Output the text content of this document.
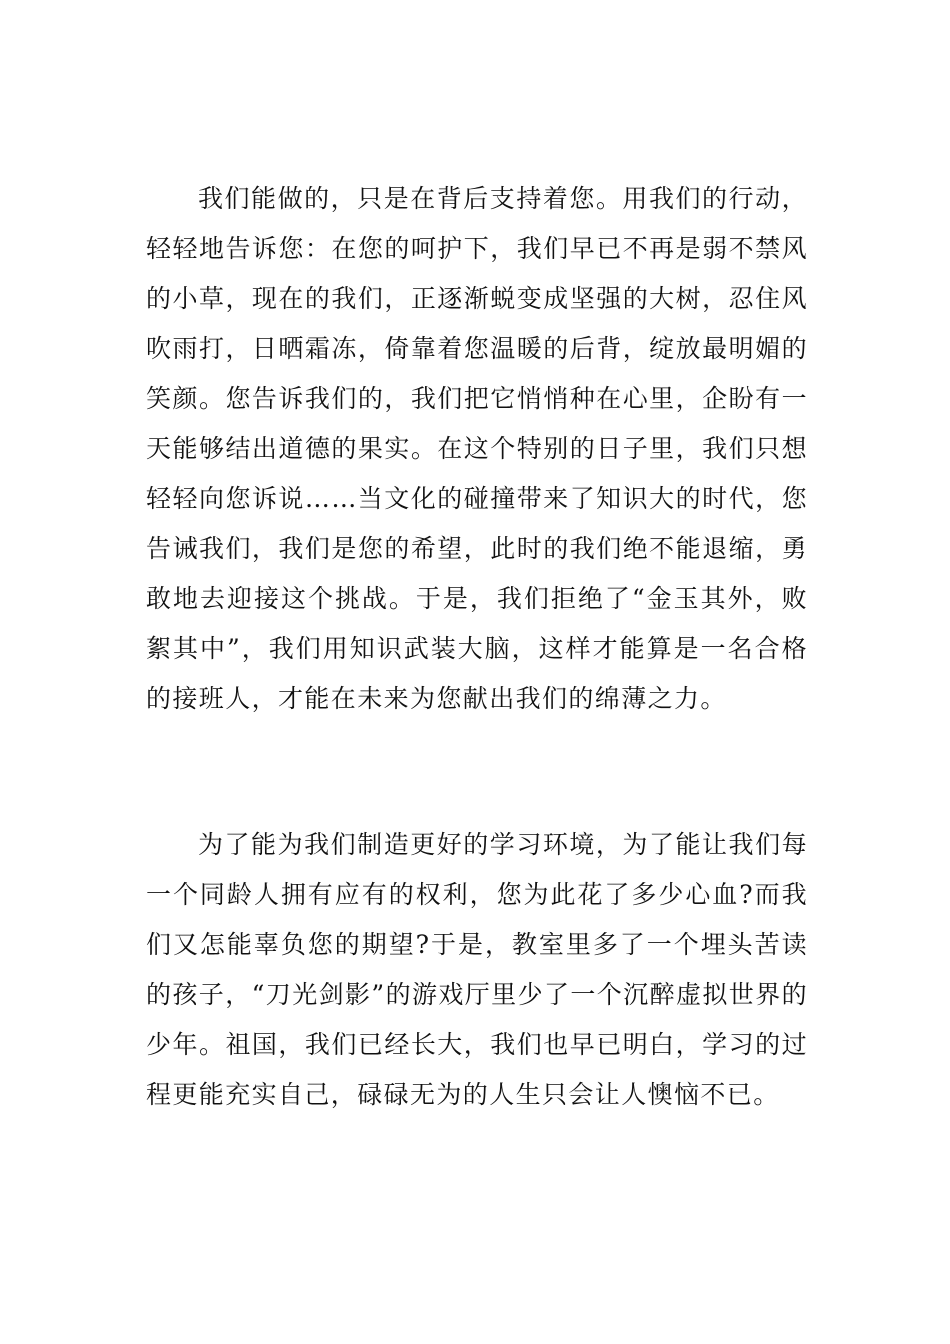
我们能做的，只是在背后支持着您。用我们的行动，轻轻地告诉您：在您的呵护下，我们早已不再是弱不禁风的小草，现在的我们，正逐渐蜕变成坚强的大树，忍住风吹雨打，日晒霜冻，倚靠着您温暖的后背，绽放最明媚的笑颜。您告诉我们的，我们把它悄悄种在心里，企盼有一天能够结出道德的果实。在这个特别的日子里，我们只想轻轻向您诉说……当文化的碰撞带来了知识大的时代，您告诫我们，我们是您的希望，此时的我们绝不能退缩，勇敢地去迎接这个挑战。于是，我们拒绝了“金玉其外，败絮其中”，我们用知识武装大脑，这样才能算是一名合格的接班人，才能在未来为您献出我们的绵薄之力。

为了能为我们制造更好的学习环境，为了能让我们每一个同龄人拥有应有的权利，您为此花了多少心血?而我们又怎能辜负您的期望?于是，教室里多了一个埋头苦读的孩子，“刀光剑影”的游戏厅里少了一个沉醉虚拟世界的少年。祖国，我们已经长大，我们也早已明白，学习的过程更能充实自己，碌碌无为的人生只会让人懊恼不已。
